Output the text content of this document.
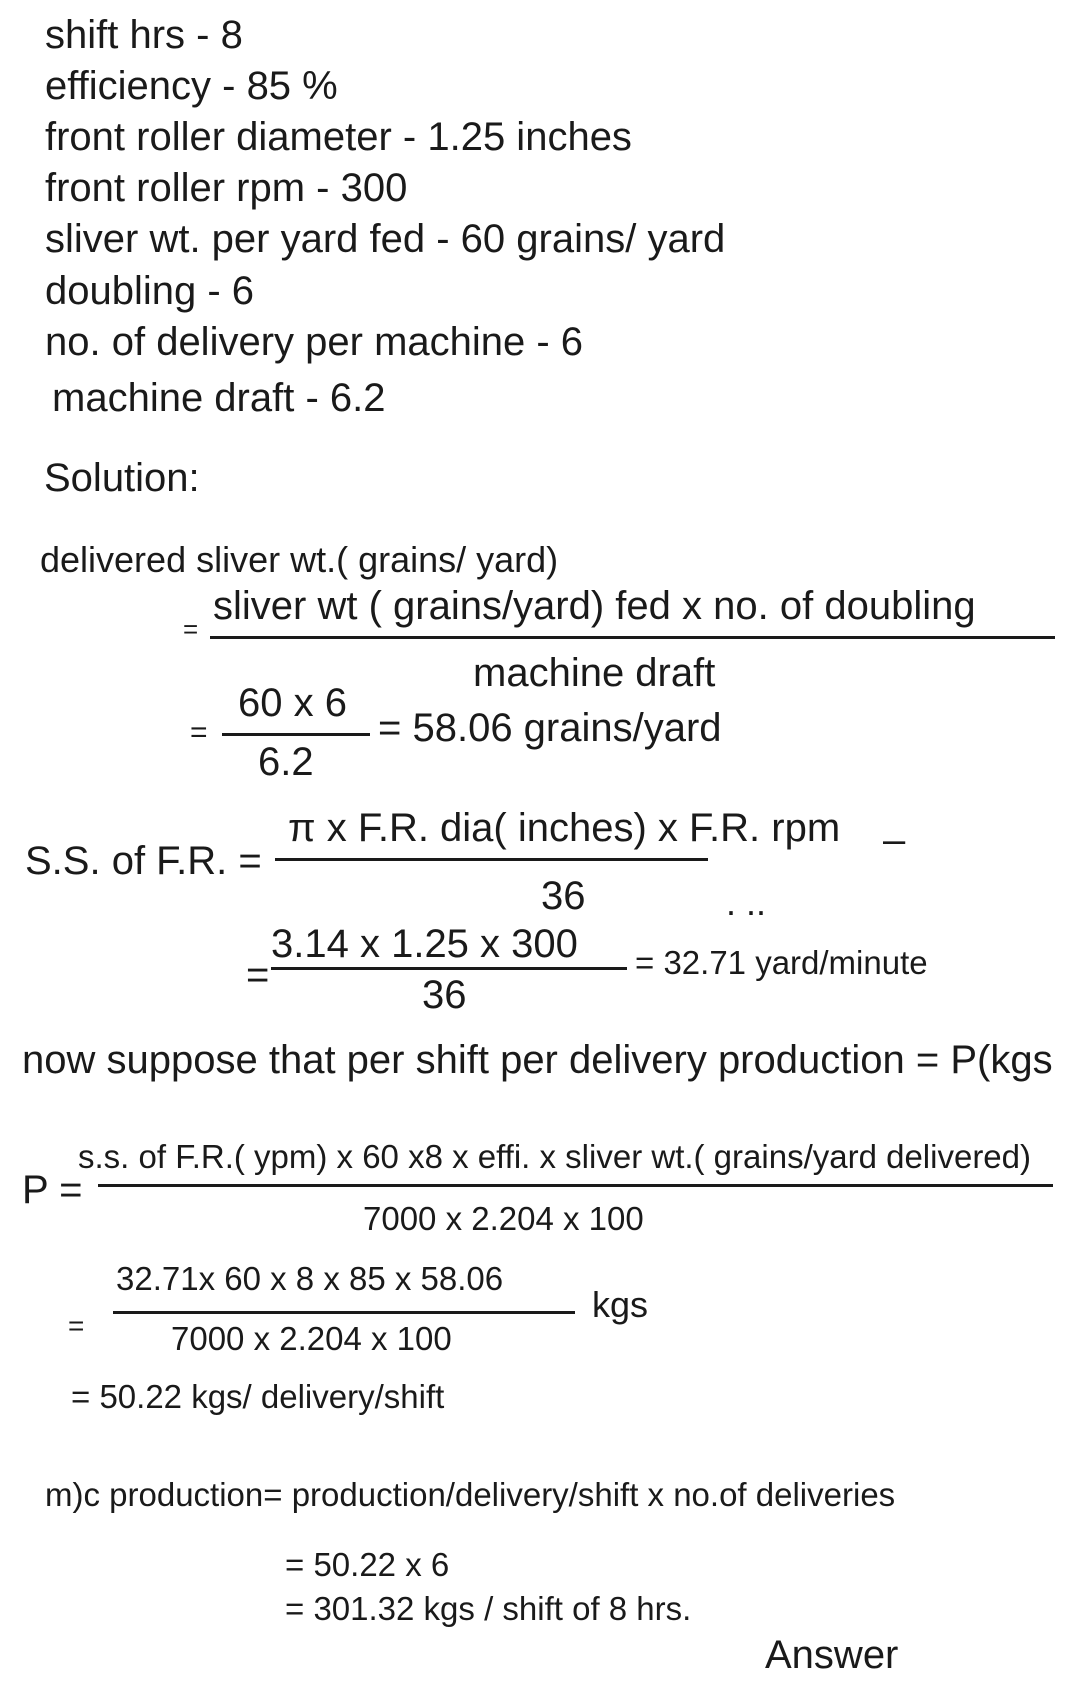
shift hrs - 8
efficiency - 85 %
front roller diameter - 1.25 inches
front roller rpm - 300
sliver wt. per yard fed - 60 grains/ yard
doubling - 6
no. of delivery per machine - 6
machine draft - 6.2
Solution:
delivered sliver wt.( grains/ yard)
=
sliver wt ( grains/yard) fed x no. of doubling
machine draft
=
60 x 6
6.2
= 58.06 grains/yard
S.S. of F.R. =
π x F.R. dia( inches) x F.R. rpm –
36	. ..
=
3.14 x 1.25 x 300
36
= 32.71 yard/minute
now suppose that per shift per delivery production = P(kgs
P =
s.s. of F.R.( ypm) x 60 x8 x effi. x sliver wt.( grains/yard delivered)
7000 x 2.204 x 100
=
32.71x 60 x 8 x 85 x 58.06
7000 x 2.204 x 100
kgs
= 50.22 kgs/ delivery/shift
m)c production= production/delivery/shift x no.of deliveries
= 50.22 x 6
= 301.32 kgs / shift of 8 hrs.
Answer
